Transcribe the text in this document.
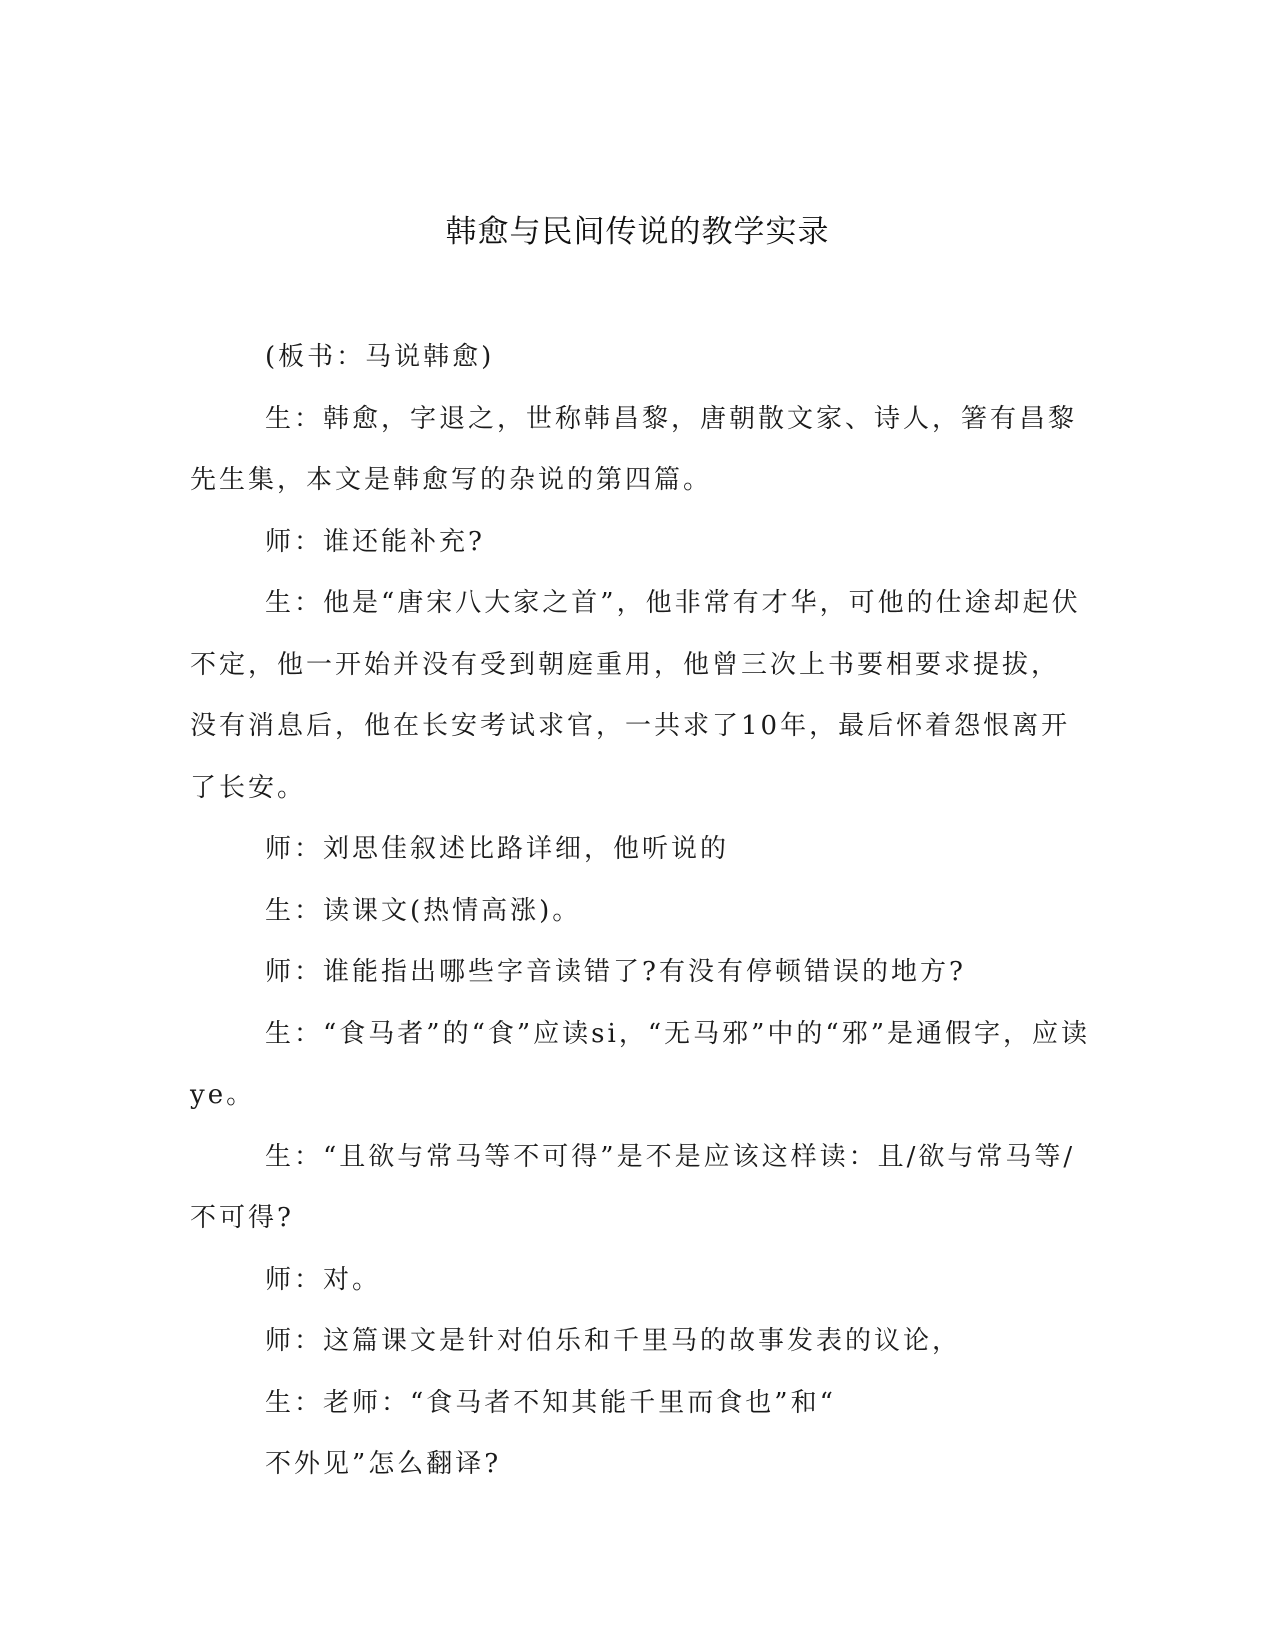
韩愈与民间传说的教学实录
(板书：马说韩愈)
生：韩愈，字退之，世称韩昌黎，唐朝散文家、诗人，箸有昌黎
先生集，本文是韩愈写的杂说的第四篇。
师：谁还能补充?
生：他是“唐宋八大家之首”，他非常有才华，可他的仕途却起伏
不定，他一开始并没有受到朝庭重用，他曾三次上书要相要求提拔，
没有消息后，他在长安考试求官，一共求了10年，最后怀着怨恨离开
了长安。
师：刘思佳叙述比路详细，他听说的
生：读课文(热情高涨)。
师：谁能指出哪些字音读错了?有没有停顿错误的地方?
生：“食马者”的“食”应读si，“无马邪”中的“邪”是通假字，应读
ye。
生：“且欲与常马等不可得”是不是应该这样读：且/欲与常马等/
不可得?
师：对。
师：这篇课文是针对伯乐和千里马的故事发表的议论，
生：老师：“食马者不知其能千里而食也”和“
不外见”怎么翻译?
